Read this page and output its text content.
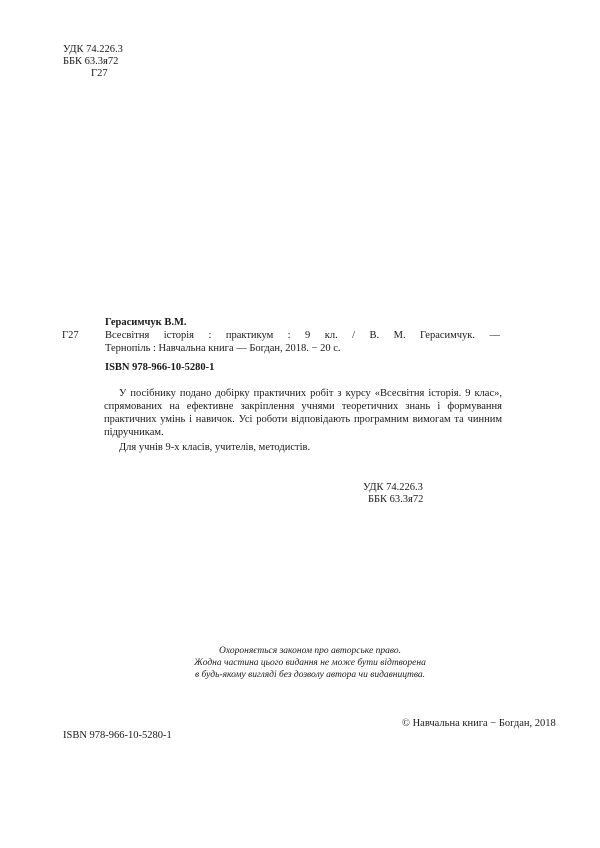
УДК 74.226.3
ББК 63.3я72
Г27
Герасимчук В.М.
Г27	Всесвітня історія : практикум : 9 кл. / В. М. Герасимчук. —
Тернопіль : Навчальна книга — Богдан, 2018. − 20 с.
ISBN 978-966-10-5280-1

У посібнику подано добірку практичних робіт з курсу «Всесвітня історія. 9 клас», спрямованих на ефективне закріплення учнями теоретичних знань і формування практичних умінь і навичок. Усі роботи відповідають програмним вимогам та чинним підручникам.

Для учнів 9-х класів, учителів, методистів.

УДК 74.226.3
ББК 63.3я72
Охороняється законом про авторське право.
Жодна частина цього видання не може бути відтворена
в будь-якому вигляді без дозволу автора чи видавництва.
© Навчальна книга − Богдан, 2018
ISBN 978-966-10-5280-1
